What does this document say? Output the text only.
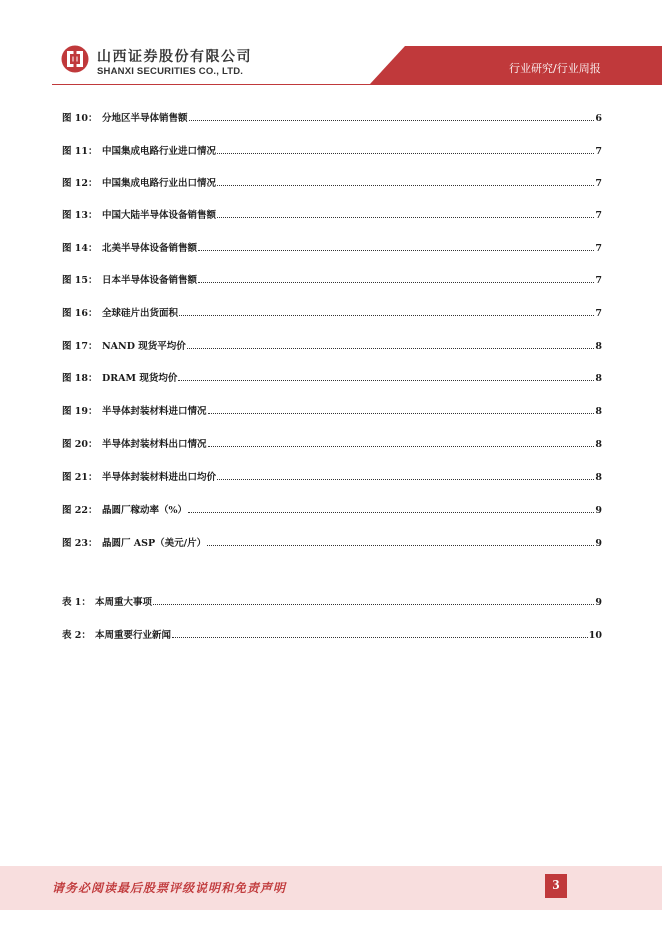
山西证券股份有限公司
SHANXI SECURITIES CO., LTD.	行业研究/行业周报
图 10： 分地区半导体销售额	6
图 11： 中国集成电路行业进口情况	7
图 12： 中国集成电路行业出口情况	7
图 13： 中国大陆半导体设备销售额	7
图 14： 北美半导体设备销售额	7
图 15： 日本半导体设备销售额	7
图 16： 全球硅片出货面积	7
图 17： NAND 现货平均价	8
图 18： DRAM 现货均价	8
图 19： 半导体封装材料进口情况	8
图 20： 半导体封装材料出口情况	8
图 21： 半导体封装材料进出口均价	8
图 22： 晶圆厂稼动率（%）	9
图 23： 晶圆厂 ASP（美元/片）	9
表 1： 本周重大事项	9
表 2： 本周重要行业新闻	10
请务必阅读最后股票评级说明和免责声明	3
